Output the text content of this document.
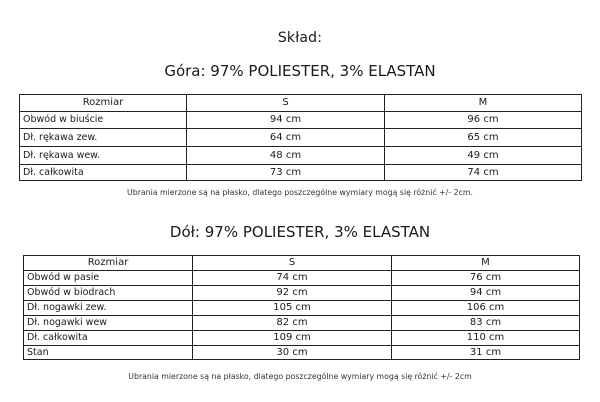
Skład:
Góra: 97% POLIESTER, 3% ELASTAN
Rozmiar	S	M
Obwód w biuście	94 cm	96 cm
Dł. rękawa zew.	64 cm	65 cm
Dł. rękawa wew.	48 cm	49 cm
Dł. całkowita	73 cm	74 cm
Ubrania mierzone są na płasko, dlatego poszczególne wymiary mogą się różnić +/- 2cm.
Dół: 97% POLIESTER, 3% ELASTAN
Rozmiar	S	M
Obwód w pasie	74 cm	76 cm
Obwód w biodrach	92 cm	94 cm
Dł. nogawki zew.	105 cm	106 cm
Dł. nogawki wew	82 cm	83 cm
Dł. całkowita	109 cm	110 cm
Stan	30 cm	31 cm
Ubrania mierzone są na płasko, dlatego poszczególne wymiary mogą się różnić +/- 2cm
